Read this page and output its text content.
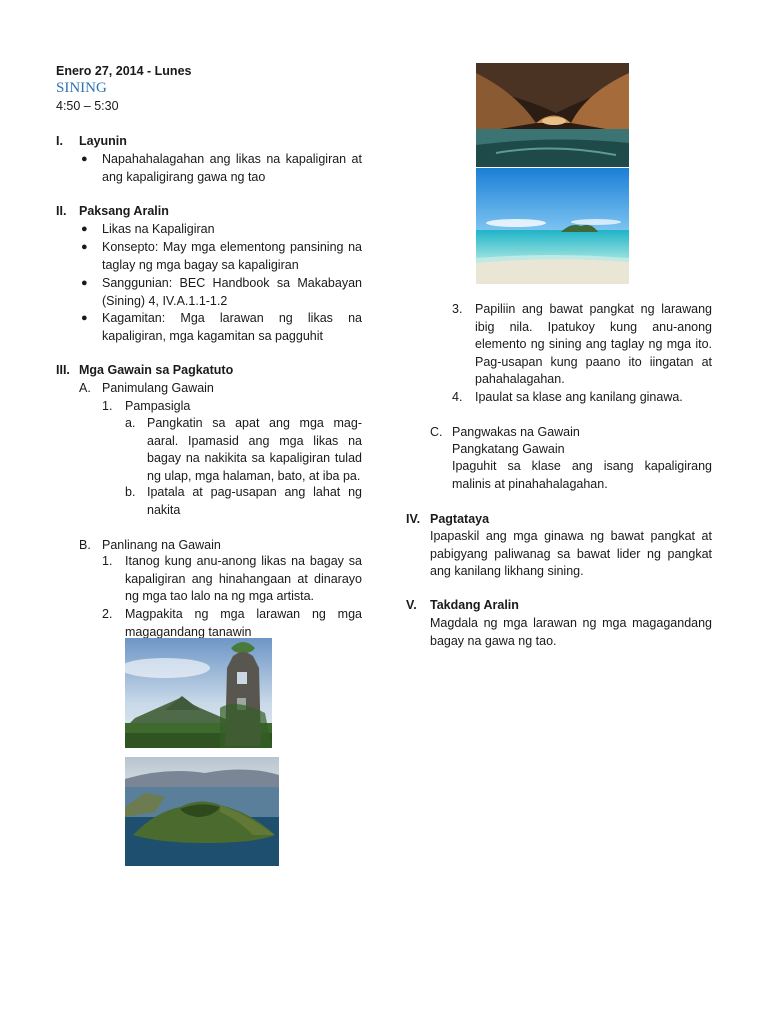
Enero 27, 2014 - Lunes
SINING
4:50 – 5:30
I. Layunin
● Napahahalagahan ang likas na kapaligiran at ang kapaligirang gawa ng tao
II. Paksang Aralin
● Likas na Kapaligiran
● Konsepto: May mga elementong pansining na taglay ng mga bagay sa kapaligiran
● Sanggunian: BEC Handbook sa Makabayan (Sining) 4, IV.A.1.1-1.2
● Kagamitan: Mga larawan ng likas na kapaligiran, mga kagamitan sa pagguhit
III. Mga Gawain sa Pagkatuto
A. Panimulang Gawain
1. Pampasigla
a. Pangkatin sa apat ang mga mag-aaral. Ipamasid ang mga likas na bagay na nakikita sa kapaligiran tulad ng ulap, mga halaman, bato, at iba pa.
b. Ipatala at pag-usapan ang lahat ng nakita
B. Panlinang na Gawain
1. Itanog kung anu-anong likas na bagay sa kapaligiran ang hinahangaan at dinarayo ng mga tao lalo na ng mga artista.
2. Magpakita ng mga larawan ng mga magagandang tanawin
3. Papiliin ang bawat pangkat ng larawang ibig nila. Ipatukoy kung anu-anong elemento ng sining ang taglay ng mga ito. Pag-usapan kung paano ito iingatan at pahahalagahan.
4. Ipaulat sa klase ang kanilang ginawa.
C. Pangwakas na Gawain
Pangkatang Gawain
Ipaguhit sa klase ang isang kapaligirang malinis at pinahahalagahan.
IV. Pagtataya
Ipapaskil ang mga ginawa ng bawat pangkat at pabigyang paliwanag sa bawat lider ng pangkat ang kanilang likhang sining.
V. Takdang Aralin
Magdala ng mga larawan ng mga magagandang bagay na gawa ng tao.
